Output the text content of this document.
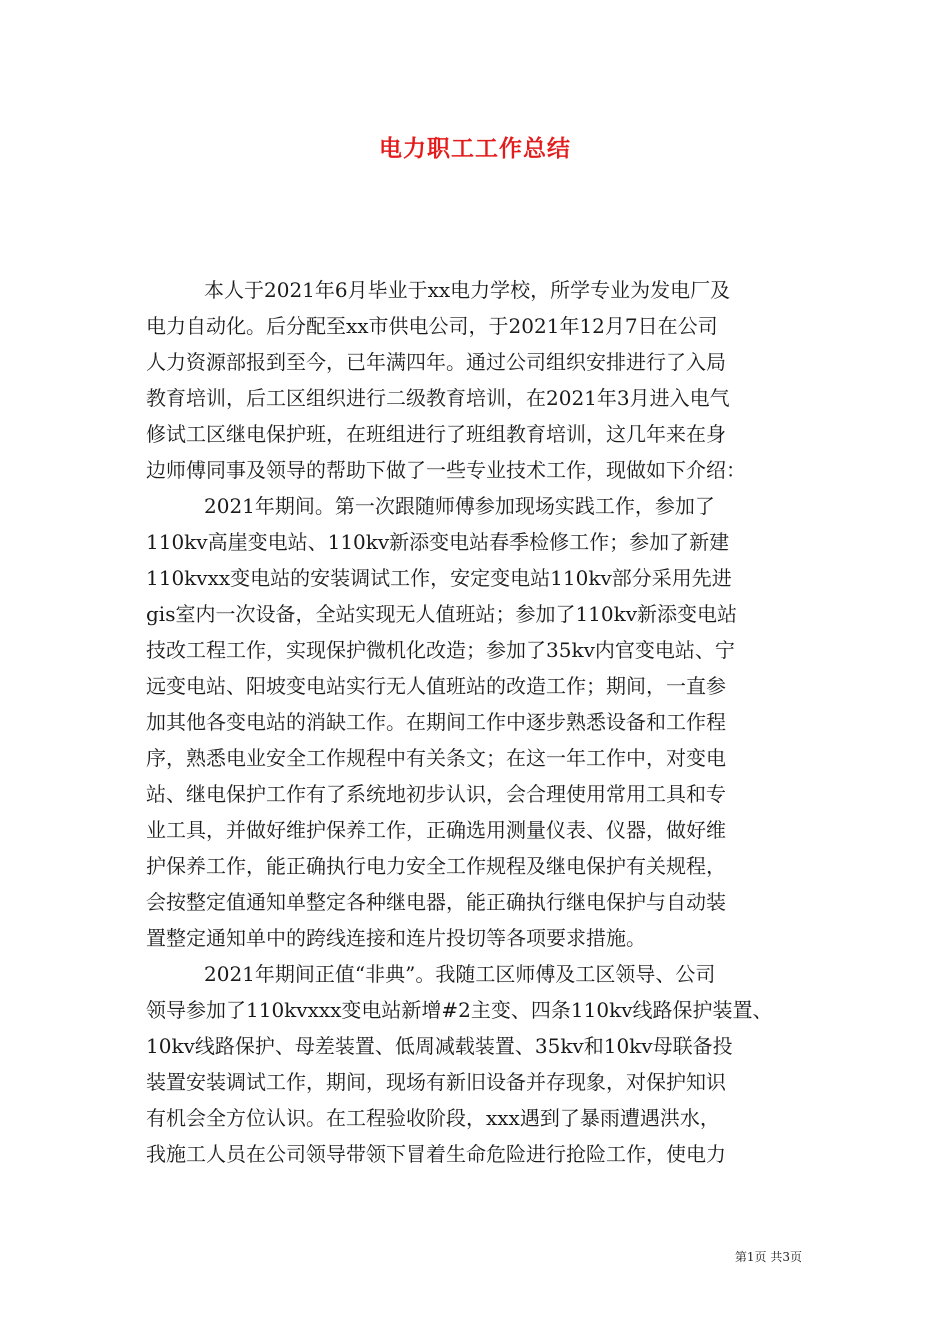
电力职工工作总结
本人于2021年6月毕业于xx电力学校，所学专业为发电厂及
电力自动化。后分配至xx市供电公司，于2021年12月7日在公司
人力资源部报到至今，已年满四年。通过公司组织安排进行了入局
教育培训，后工区组织进行二级教育培训，在2021年3月进入电气
修试工区继电保护班，在班组进行了班组教育培训，这几年来在身
边师傅同事及领导的帮助下做了一些专业技术工作，现做如下介绍：
2021年期间。第一次跟随师傅参加现场实践工作，参加了
110kv高崖变电站、110kv新添变电站春季检修工作；参加了新建
110kvxx变电站的安装调试工作，安定变电站110kv部分采用先进
gis室内一次设备，全站实现无人值班站；参加了110kv新添变电站
技改工程工作，实现保护微机化改造；参加了35kv内官变电站、宁
远变电站、阳坡变电站实行无人值班站的改造工作；期间，一直参
加其他各变电站的消缺工作。在期间工作中逐步熟悉设备和工作程
序，熟悉电业安全工作规程中有关条文；在这一年工作中，对变电
站、继电保护工作有了系统地初步认识，会合理使用常用工具和专
业工具，并做好维护保养工作，正确选用测量仪表、仪器，做好维
护保养工作，能正确执行电力安全工作规程及继电保护有关规程，
会按整定值通知单整定各种继电器，能正确执行继电保护与自动装
置整定通知单中的跨线连接和连片投切等各项要求措施。
2021年期间正值“非典”。我随工区师傅及工区领导、公司
领导参加了110kvxxx变电站新增#2主变、四条110kv线路保护装置、
10kv线路保护、母差装置、低周减载装置、35kv和10kv母联备投
装置安装调试工作，期间，现场有新旧设备并存现象，对保护知识
有机会全方位认识。在工程验收阶段，xxx遇到了暴雨遭遇洪水，
我施工人员在公司领导带领下冒着生命危险进行抢险工作，使电力
第1页 共3页
